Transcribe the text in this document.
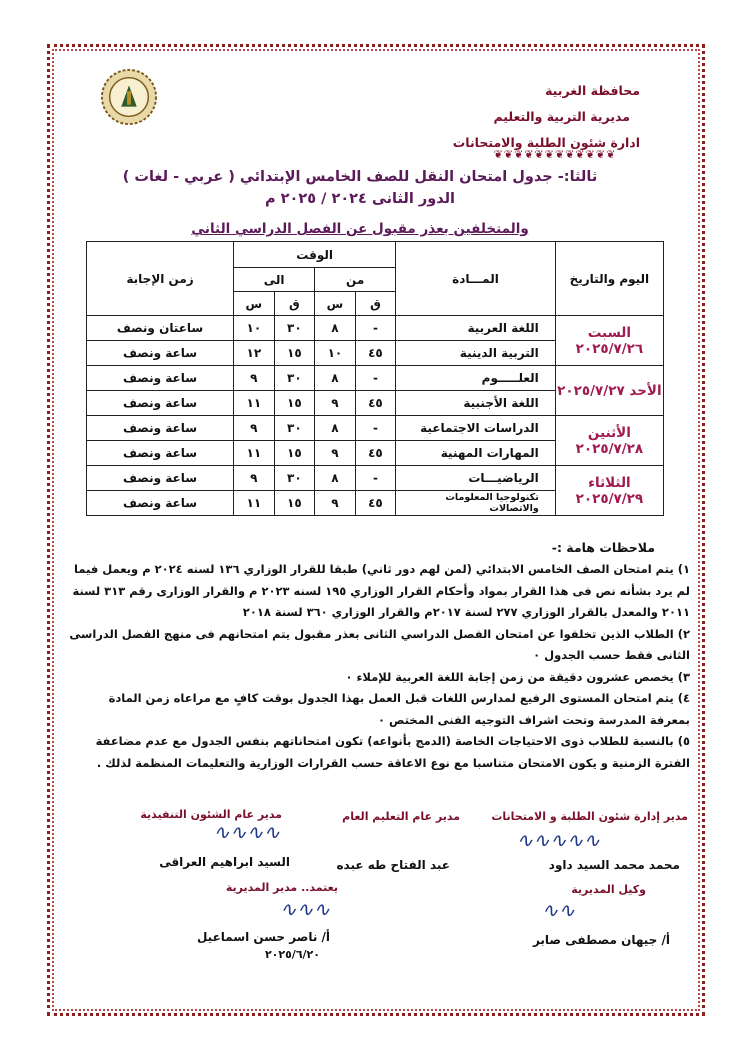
محافظة الغربية
مديرية التربية والتعليم
ادارة شئون الطلبة والامتحانات
❦❦❦❦❦❦❦❦❦❦❦❦
ثالثا:- جدول امتحان النقل للصف الخامس الإبتدائي ( عربي - لغات )
الدور الثانى ٢٠٢٤ / ٢٠٢٥ م
والمتخلفين بعذر مقبول عن الفصل الدراسي الثاني
اليوم والتاريخ	المـــادة	الوقت				زمن الإجابة
		من		الى		
		ق	س	ق	س	
السبت ٢٠٢٥/٧/٢٦	اللغة العربية	-	٨	٣٠	١٠	ساعتان ونصف
	التربية الدينية	٤٥	١٠	١٥	١٢	ساعة ونصف
الأحد ٢٠٢٥/٧/٢٧	العلـــــوم	-	٨	٣٠	٩	ساعة ونصف
	اللغة الأجنبية	٤٥	٩	١٥	١١	ساعة ونصف
الأثنين ٢٠٢٥/٧/٢٨	الدراسات الاجتماعية	-	٨	٣٠	٩	ساعة ونصف
	المهارات المهنية	٤٥	٩	١٥	١١	ساعة ونصف
الثلاثاء ٢٠٢٥/٧/٢٩	الرياضيـــات	-	٨	٣٠	٩	ساعة ونصف
	تكنولوجيا المعلومات والاتصالات	٤٥	٩	١٥	١١	ساعة ونصف
ملاحظات هامة :-

١) يتم امتحان الصف الخامس الابتدائي (لمن لهم دور ثاني) طبقا للقرار الوزاري ١٣٦ لسنه ٢٠٢٤ م ويعمل فيما لم يرد بشأنه نص فى هذا القرار بمواد وأحكام القرار الوزاري ١٩٥ لسنه ٢٠٢٣ م والقرار الوزارى رقم ٣١٣ لسنة ٢٠١١ والمعدل بالقرار الوزاري ٢٧٧ لسنة ٢٠١٧م والقرار الوزاري ٣٦٠ لسنة ٢٠١٨

٢) الطلاب الذين تخلفوا عن امتحان الفصل الدراسي الثانى بعذر مقبول يتم امتحانهم فى منهج الفصل الدراسى الثانى فقط حسب الجدول ٠

٣) يخصص عشرون دقيقة من زمن إجابة اللغة العربية للإملاء ٠

٤) يتم امتحان المستوى الرفيع لمدارس اللغات قبل العمل بهذا الجدول بوقت كافٍ مع مراعاه زمن المادة بمعرفة المدرسة وتحت اشراف التوجيه الفنى المختص ٠

٥) بالنسبة للطلاب ذوى الاحتياجات الخاصة (الدمج بأنواعه) تكون امتحاناتهم بنفس الجدول مع عدم مضاعفة الفترة الزمنية و يكون الامتحان متناسبا مع نوع الاعاقة حسب القرارات الوزارية والتعليمات المنظمة لذلك .

مدير إدارة شئون الطلبة و الامتحانات
∿∿∿∿∿
محمد محمد السيد داود
مدير عام التعليم العام
عبد الفتاح طه عبده
مدير عام الشئون التنفيذية
∿∿∿∿
السيد ابراهيم العراقى
وكيل المديرية
∿∿
أ/ جيهان مصطفى صابر
يعتمد.. مدير المديرية
∿∿∿
أ/ ناصر حسن اسماعيل
٢٠٢٥/٦/٢٠
